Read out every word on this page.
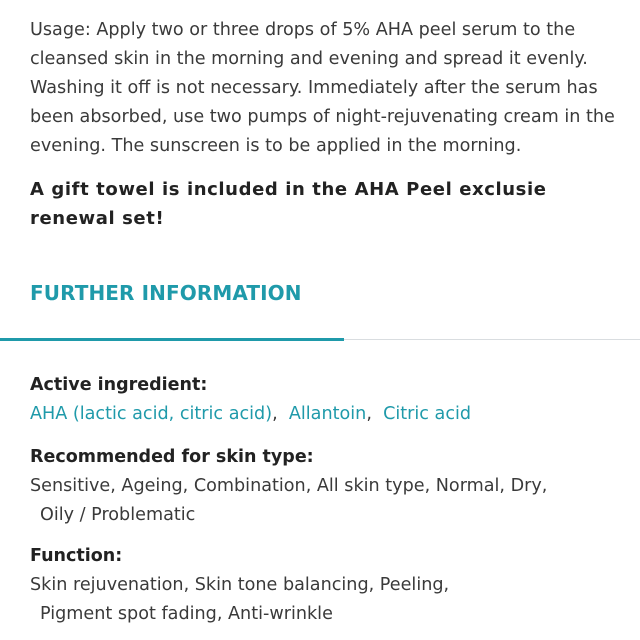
Usage: Apply two or three drops of 5% AHA peel serum to the cleansed skin in the morning and evening and spread it evenly. Washing it off is not necessary. Immediately after the serum has been absorbed, use two pumps of night-rejuvenating cream in the evening. The sunscreen is to be applied in the morning.

A gift towel is included in the AHA Peel exclusie renewal set!

FURTHER INFORMATION

Active ingredient:

AHA (lactic acid, citric acid),  Allantoin,  Citric acid

Recommended for skin type:

Sensitive, Ageing, Combination, All skin type, Normal, Dry,

Oily / Problematic

Function:

Skin rejuvenation, Skin tone balancing, Peeling,

Pigment spot fading, Anti-wrinkle
